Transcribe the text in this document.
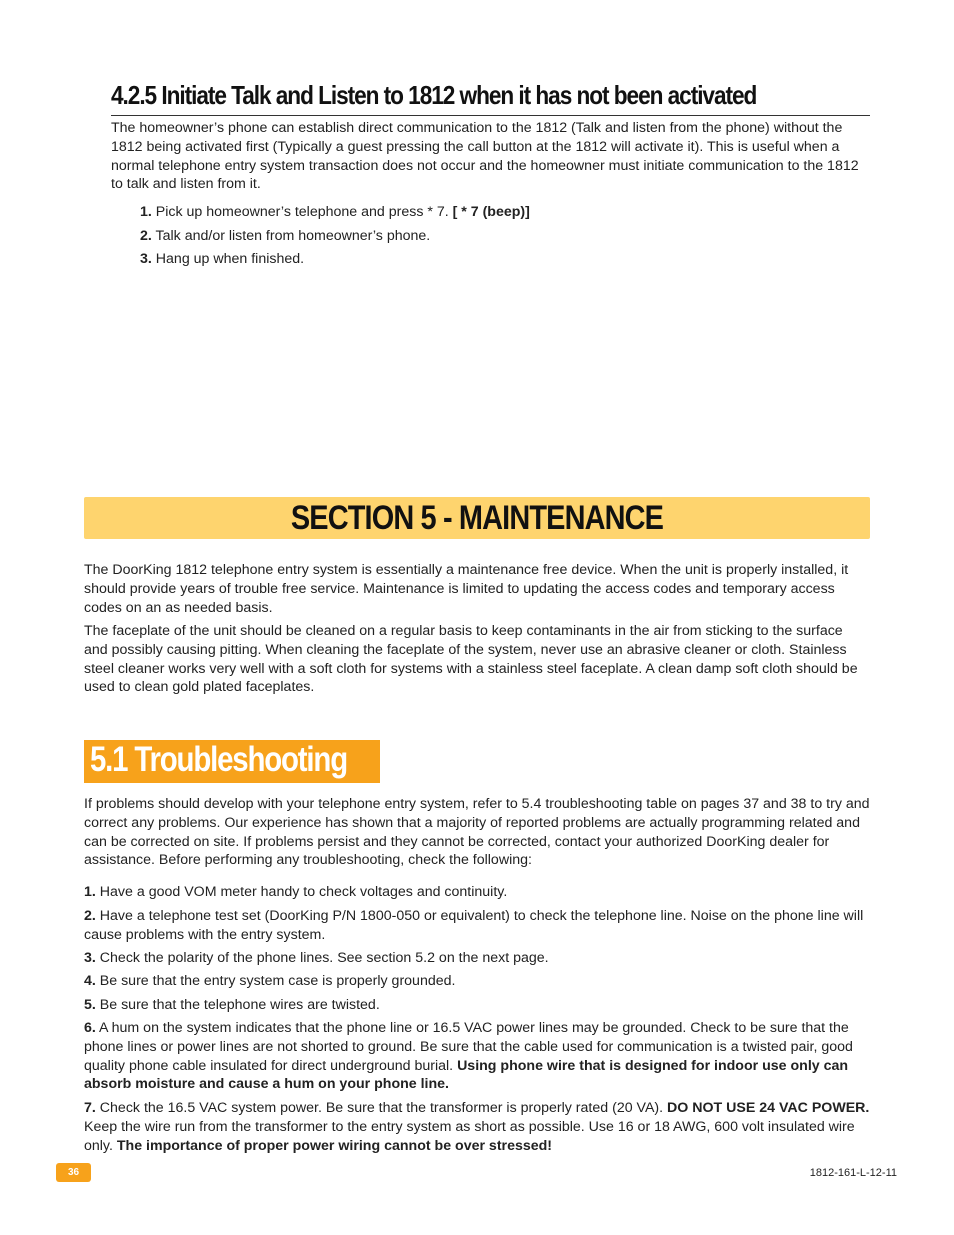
4.2.5 Initiate Talk and Listen to 1812 when it has not been activated
The homeowner’s phone can establish direct communication to the 1812 (Talk and listen from the phone) without the 1812 being activated first (Typically a guest pressing the call button at the 1812 will activate it). This is useful when a normal telephone entry system transaction does not occur and the homeowner must initiate communication to the 1812 to talk and listen from it.
1. Pick up homeowner’s telephone and press * 7. [ * 7 (beep)]
2. Talk and/or listen from homeowner’s phone.
3. Hang up when finished.
SECTION 5 - MAINTENANCE
The DoorKing 1812 telephone entry system is essentially a maintenance free device. When the unit is properly installed, it should provide years of trouble free service. Maintenance is limited to updating the access codes and temporary access codes on an as needed basis.
The faceplate of the unit should be cleaned on a regular basis to keep contaminants in the air from sticking to the surface and possibly causing pitting. When cleaning the faceplate of the system, never use an abrasive cleaner or cloth. Stainless steel cleaner works very well with a soft cloth for systems with a stainless steel faceplate. A clean damp soft cloth should be used to clean gold plated faceplates.
5.1 Troubleshooting
If problems should develop with your telephone entry system, refer to 5.4 troubleshooting table on pages 37 and 38 to try and correct any problems. Our experience has shown that a majority of reported problems are actually programming related and can be corrected on site. If problems persist and they cannot be corrected, contact your authorized DoorKing dealer for assistance. Before performing any troubleshooting, check the following:
1. Have a good VOM meter handy to check voltages and continuity.
2. Have a telephone test set (DoorKing P/N 1800-050 or equivalent) to check the telephone line. Noise on the phone line will cause problems with the entry system.
3. Check the polarity of the phone lines. See section 5.2 on the next page.
4. Be sure that the entry system case is properly grounded.
5. Be sure that the telephone wires are twisted.
6. A hum on the system indicates that the phone line or 16.5 VAC power lines may be grounded. Check to be sure that the phone lines or power lines are not shorted to ground. Be sure that the cable used for communication is a twisted pair, good quality phone cable insulated for direct underground burial. Using phone wire that is designed for indoor use only can absorb moisture and cause a hum on your phone line.
7. Check the 16.5 VAC system power. Be sure that the transformer is properly rated (20 VA). DO NOT USE 24 VAC POWER. Keep the wire run from the transformer to the entry system as short as possible. Use 16 or 18 AWG, 600 volt insulated wire only. The importance of proper power wiring cannot be over stressed!
36	1812-161-L-12-11
